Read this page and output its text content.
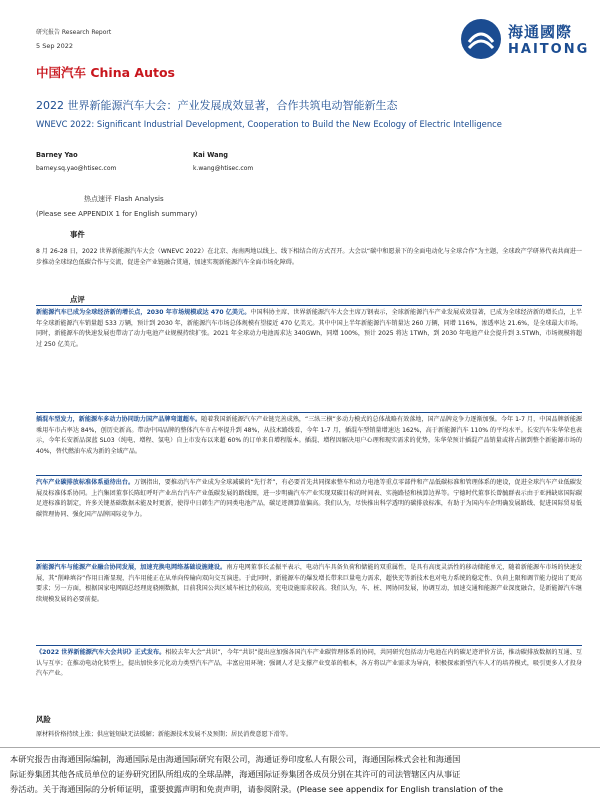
研究报告 Research Report
5 Sep 2022
中国汽车 China Autos
海通國際
HAITONG
2022 世界新能源汽车大会：产业发展成效显著，合作共筑电动智能新生态
WNEVC 2022: Significant Industrial Development, Cooperation to Build the New Ecology of Electric Intelligence
Barney Yao
barney.sq.yao@htisec.com
Kai Wang
k.wang@htisec.com
热点速评 Flash Analysis
(Please see APPENDIX 1 for English summary)
事件
8 月 26-28 日，2022 世界新能源汽车大会（WNEVC 2022）在北京、海南两地以线上、线下相结合的方式召开。大会以“碳中和愿景下的全面电动化与全球合作”为主题，全球政产学研界代表共商进一步推动全球绿色低碳合作与交流，促进全产业链融合贯通，加速实现新能源汽车全面市场化障碍。
点评
新能源汽车已成为全球经济新的增长点，2030 年市场规模或达 470 亿美元。中国科协主席、世界新能源汽车大会主席万钢表示，全球新能源汽车产业发展成效显著，已成为全球经济新的增长点，上半年全球新能源汽车销量超 533 万辆，预计到 2030 年，新能源汽车市场总体规模有望接近 470 亿美元。其中中国上半年新能源汽车销量达 260 万辆，同增 116%，渗透率达 21.6%，是全球最大市场。同时，新能源车的快速发展也带动了动力电池产业规模持续扩张。2021 年全球动力电池需求达 340GWh，同增 100%，预计 2025 将达 1TWh，到 2030 年电池产业会提升到 3.5TWh，市场规模将超过 250 亿美元。
插混车型发力，新能源车多动力协同助力国产品牌弯道超车。随着我国新能源汽车产业链完善成熟，“三纵三横”多动力模式的总体战略有效落地，国产品牌竞争力逐渐加强。今年 1-7 月，中国品牌新能源乘用车市占率达 84%，创历史新高。带动中国品牌的整体汽车市占率提升到 48%，从技术路线看，今年 1-7 月，插混车型销量增速达 162%，高于新能源汽车 110% 的平均水平。长安汽车朱华荣也表示，今年长安新品深蓝 SL03（纯电、增程、氢电）自上市发布以来超 60% 的订单来自增程版本。插混、增程因解决用户心理和现实需求的优势，朱华荣预计插混产品销量或将占据到整个新能源市场的 40%，替代燃油车成为新的全域产品。
汽车产业碳排放标准体系亟待出台。万钢指出，要推动汽车产业成为全球减碳的“先行者”，有必要首先共同探索整车和动力电池等重点零部件和产品低碳标准和管理体系的建设，促进全球汽车产业低碳发展及标准体系协同。上汽集团董事长陈虹呼吁产业出台汽车产业低碳发展的路线图，进一步明确汽车产业实现双碳目标的时间表、实施路径和核算边界等。宁德时代董事长曾毓群表示由于亚洲缺席国际碳足迹标准的制定，许多关键基础数据未能及时更新，使得中日韩生产的同类电池产品，碳足迹测算值偏高。我们认为，尽快推出科学透明的碳排放标准，有助于为国内车企明确发展路线、促进国际贸易低碳管理协同、强化国产品牌国际竞争力。
新能源汽车与能源产业融合协同发展，加速充换电网络基础设施建设。南方电网董事长孟振平表示，电动汽车具备负荷和储能的双重属性，是具有高度灵活性的移动储能单元，随着新能源车市场的快速发展，其“削峰填谷”作用日渐显现，汽车用能正在从单向传输向双向交互演进。于此同时，新能源车的爆发增长带来巨量电力需求，超快充等新技术也对电力系统的稳定性、负荷上限和调节能力提出了更高要求；另一方面，根据国家电网副总经理庞骁刚数据，目前我国公共区域车桩比仍较高，充电设施需求较高。我们认为，车、桩、网协同发展，协调互动，加速交通和能源产业深度融合，是新能源汽车继续规模发展的必要前提。
《2022 世界新能源汽车大会共识》正式发布。相较去年大会“共识”，今年“共识”提出应加强各国汽车产业碳管理体系的协同，共同研究包括动力电池在内的碳足迹评价方法，推动碳排放数据的互通、互认与互享；在推动电动化转型上，提出加快多元化动力类型汽车产品，丰富应用环境；强调人才是支撑产业变革的根本，各方将以产业需求为导向，积极探索新型汽车人才的培养模式，吸引更多人才投身汽车产业。
风险
原材料价格持续上涨；供应链短缺无法缓解；新能源技术发展不及预期；居民消费意愿下滑等。
本研究报告由海通国际编制，海通国际是由海通国际研究有限公司，海通证券印度私人有限公司，海通国际株式会社和海通国
际证券集团其他各成员单位的证券研究团队所组成的全球品牌，海通国际证券集团各成员分别在其许可的司法管辖区内从事证
券活动。关于海通国际的分析师证明，重要披露声明和免责声明，请参阅附录。(Please see appendix for English translation of the
